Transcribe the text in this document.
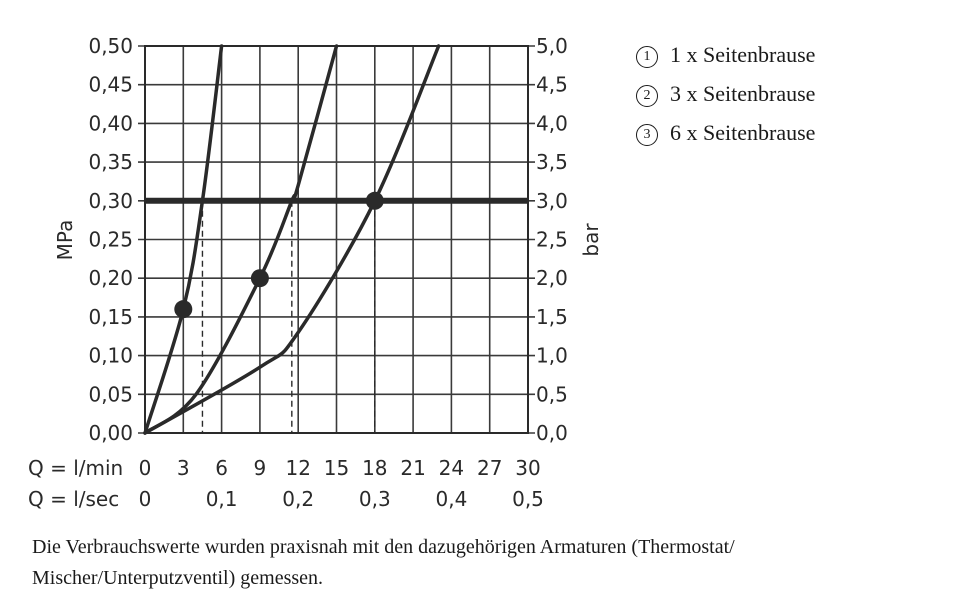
0,00
0,05
0,10
0,15
0,20
0,25
0,30
0,35
0,40
0,45
0,50
0,0
0,5
1,0
1,5
2,0
2,5
3,0
3,5
4,0
4,5
5,0
0 3 6 9 12 15 18 21 24 27 30
0	0,1 0,2 0,3 0,4 0,5
MPa	bar
Q = l/min
Q = l/sec
1 1 x Seitenbrause
2 3 x Seitenbrause
3 6 x Seitenbrause
Die Verbrauchswerte wurden praxisnah mit den dazugehörigen Armaturen (Thermostat/ Mischer/Unterputzventil) gemessen.
